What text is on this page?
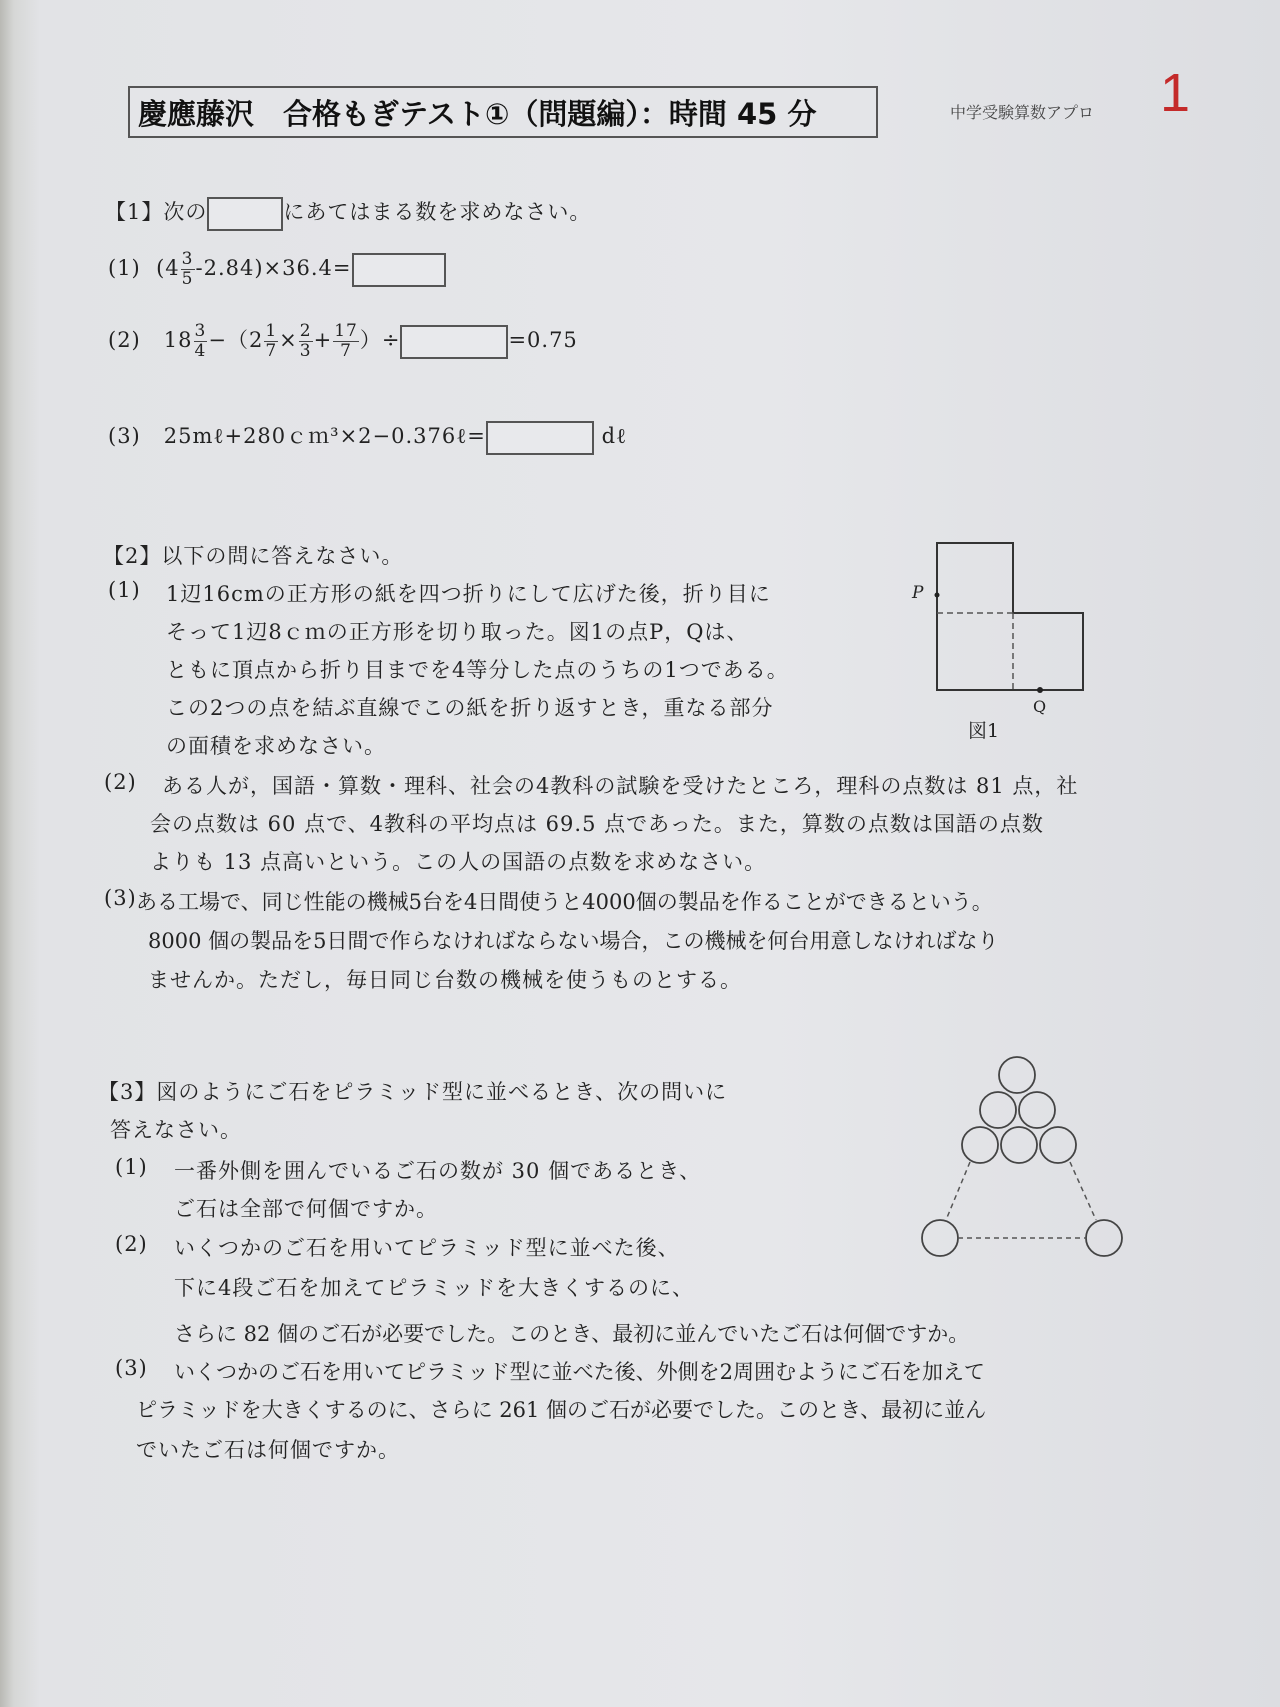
慶應藤沢　合格もぎテスト①（問題編）：時間 45 分	中学受験算数アプロ 1
【1】次の	にあてはまる数を求めなさい。
(1) $(4 \frac{3}{5} -2.84)\times 36.4=$
(2) $18 \frac{3}{4} -(2 \frac{1}{7} \times \frac{2}{3} + \frac{17}{7}$ ）÷	=0.75
(3) 25mℓ+280ｃｍ³×2−0.376ℓ=	dℓ
【2】以下の問に答えなさい。
(1) 1辺16cmの正方形の紙を四つ折りにして広げた後，折り目に
そって1辺8ｃｍの正方形を切り取った。図1の点P，Qは、
ともに頂点から折り目までを4等分した点のうちの1つである。
この2つの点を結ぶ直線でこの紙を折り返すとき，重なる部分
の面積を求めなさい。
P
Q
図1
(2) ある人が，国語・算数・理科、社会の4教科の試験を受けたところ，理科の点数は 81 点，社
会の点数は 60 点で、4教科の平均点は 69.5 点であった。また，算数の点数は国語の点数
よりも 13 点高いという。この人の国語の点数を求めなさい。
(3) ある工場で、同じ性能の機械5台を4日間使うと4000個の製品を作ることができるという。
8000 個の製品を5日間で作らなければならない場合，この機械を何台用意しなければなり
ませんか。ただし，毎日同じ台数の機械を使うものとする。
【3】図のようにご石をピラミッド型に並べるとき、次の問いに
答えなさい。
(1) 一番外側を囲んでいるご石の数が 30 個であるとき、
ご石は全部で何個ですか。
(2) いくつかのご石を用いてピラミッド型に並べた後、
下に4段ご石を加えてピラミッドを大きくするのに、
さらに 82 個のご石が必要でした。このとき、最初に並んでいたご石は何個ですか。
(3) いくつかのご石を用いてピラミッド型に並べた後、外側を2周囲むようにご石を加えて
ピラミッドを大きくするのに、さらに 261 個のご石が必要でした。このとき、最初に並ん
でいたご石は何個ですか。
